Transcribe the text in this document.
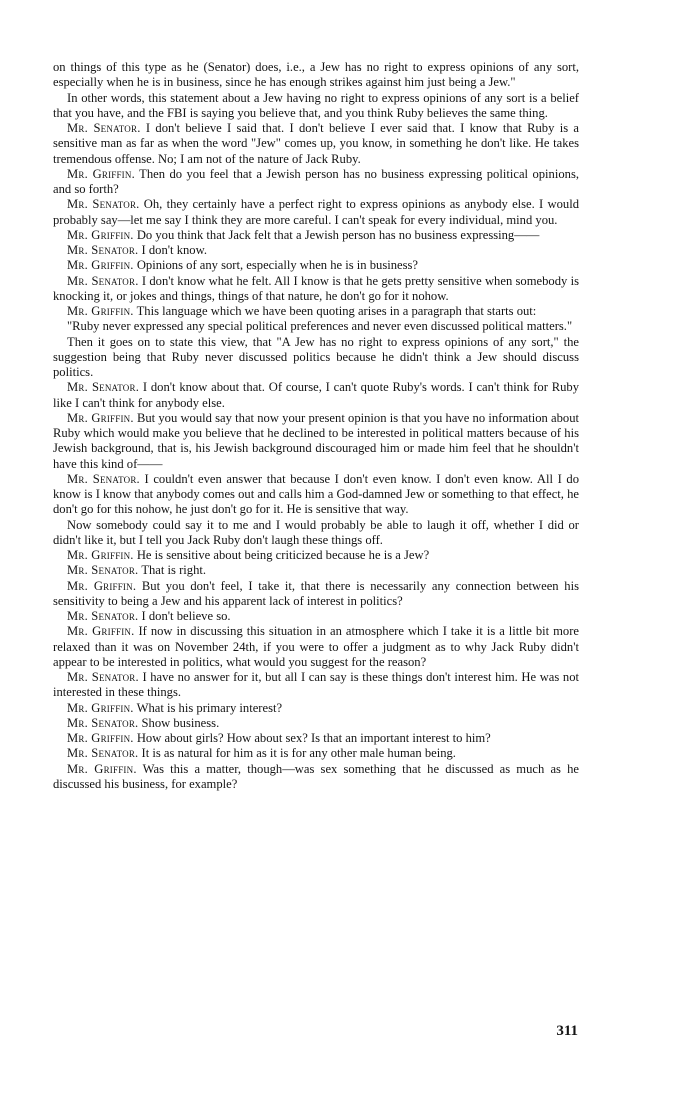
on things of this type as he (Senator) does, i.e., a Jew has no right to express opinions of any sort, especially when he is in business, since he has enough strikes against him just being a Jew."

In other words, this statement about a Jew having no right to express opinions of any sort is a belief that you have, and the FBI is saying you believe that, and you think Ruby believes the same thing.

Mr. Senator. I don't believe I said that. I don't believe I ever said that. I know that Ruby is a sensitive man as far as when the word "Jew" comes up, you know, in something he don't like. He takes tremendous offense. No; I am not of the nature of Jack Ruby.

Mr. Griffin. Then do you feel that a Jewish person has no business expressing political opinions, and so forth?

Mr. Senator. Oh, they certainly have a perfect right to express opinions as anybody else. I would probably say—let me say I think they are more careful. I can't speak for every individual, mind you.

Mr. Griffin. Do you think that Jack felt that a Jewish person has no business expressing——

Mr. Senator. I don't know.

Mr. Griffin. Opinions of any sort, especially when he is in business?

Mr. Senator. I don't know what he felt. All I know is that he gets pretty sensitive when somebody is knocking it, or jokes and things, things of that nature, he don't go for it nohow.

Mr. Griffin. This language which we have been quoting arises in a paragraph that starts out:

"Ruby never expressed any special political preferences and never even discussed political matters."

Then it goes on to state this view, that "A Jew has no right to express opinions of any sort," the suggestion being that Ruby never discussed politics because he didn't think a Jew should discuss politics.

Mr. Senator. I don't know about that. Of course, I can't quote Ruby's words. I can't think for Ruby like I can't think for anybody else.

Mr. Griffin. But you would say that now your present opinion is that you have no information about Ruby which would make you believe that he declined to be interested in political matters because of his Jewish background, that is, his Jewish background discouraged him or made him feel that he shouldn't have this kind of——

Mr. Senator. I couldn't even answer that because I don't even know. I don't even know. All I do know is I know that anybody comes out and calls him a God-damned Jew or something to that effect, he don't go for this nohow, he just don't go for it. He is sensitive that way.

Now somebody could say it to me and I would probably be able to laugh it off, whether I did or didn't like it, but I tell you Jack Ruby don't laugh these things off.

Mr. Griffin. He is sensitive about being criticized because he is a Jew?

Mr. Senator. That is right.

Mr. Griffin. But you don't feel, I take it, that there is necessarily any connection between his sensitivity to being a Jew and his apparent lack of interest in politics?

Mr. Senator. I don't believe so.

Mr. Griffin. If now in discussing this situation in an atmosphere which I take it is a little bit more relaxed than it was on November 24th, if you were to offer a judgment as to why Jack Ruby didn't appear to be interested in politics, what would you suggest for the reason?

Mr. Senator. I have no answer for it, but all I can say is these things don't interest him. He was not interested in these things.

Mr. Griffin. What is his primary interest?

Mr. Senator. Show business.

Mr. Griffin. How about girls? How about sex? Is that an important interest to him?

Mr. Senator. It is as natural for him as it is for any other male human being.

Mr. Griffin. Was this a matter, though—was sex something that he discussed as much as he discussed his business, for example?

311
